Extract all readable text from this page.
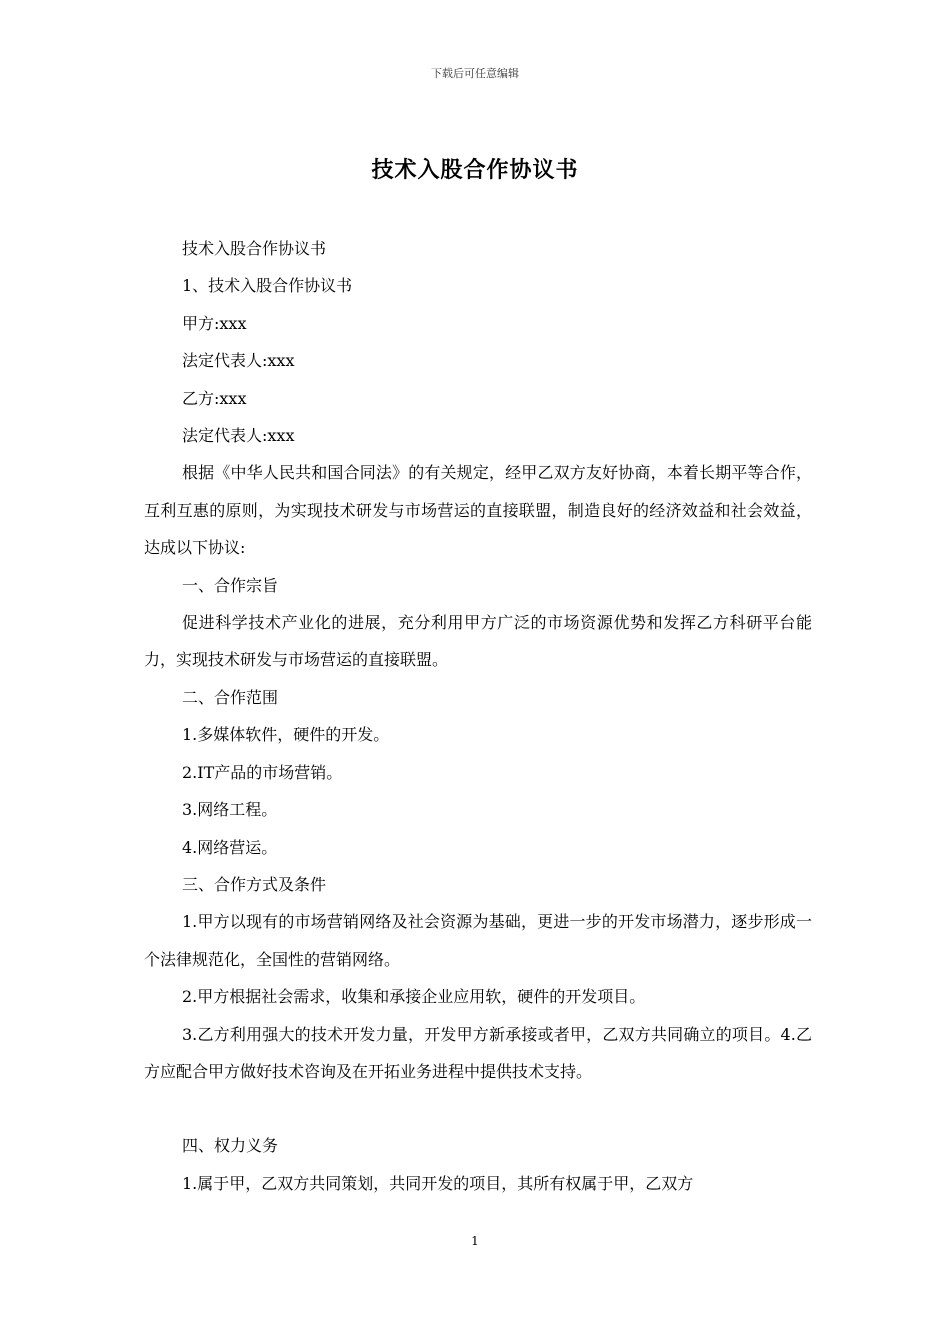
下载后可任意编辑
技术入股合作协议书

技术入股合作协议书

1、技术入股合作协议书

甲方:xxx

法定代表人:xxx

乙方:xxx

法定代表人:xxx

根据《中华人民共和国合同法》的有关规定，经甲乙双方友好协商，本着长期平等合作，互利互惠的原则，为实现技术研发与市场营运的直接联盟，制造良好的经济效益和社会效益，达成以下协议:

一、合作宗旨

促进科学技术产业化的进展，充分利用甲方广泛的市场资源优势和发挥乙方科研平台能力，实现技术研发与市场营运的直接联盟。

二、合作范围

1.多媒体软件，硬件的开发。

2.IT产品的市场营销。

3.网络工程。

4.网络营运。

三、合作方式及条件

1.甲方以现有的市场营销网络及社会资源为基础，更进一步的开发市场潜力，逐步形成一个法律规范化，全国性的营销网络。

2.甲方根据社会需求，收集和承接企业应用软，硬件的开发项目。

3.乙方利用强大的技术开发力量，开发甲方新承接或者甲，乙双方共同确立的项目。4.乙方应配合甲方做好技术咨询及在开拓业务进程中提供技术支持。

四、权力义务

1.属于甲，乙双方共同策划，共同开发的项目，其所有权属于甲，乙双方

1
